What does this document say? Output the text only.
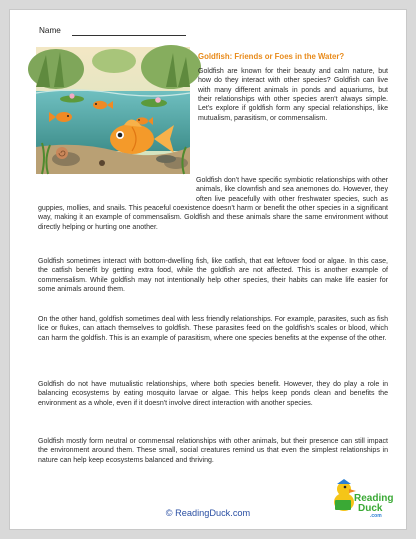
Name
Goldfish: Friends or Foes in the Water?

Goldfish are known for their beauty and calm nature, but how do they interact with other species? Goldfish can live with many different animals in ponds and aquariums, but their relationships with other species aren't always simple. Let's explore if goldfish form any special relationships, like mutualism, parasitism, or commensalism.

Goldfish don't have specific symbiotic relationships with other animals, like clownfish and sea anemones do. However, they often live peacefully with other freshwater species, such as guppies, mollies, and snails. This peaceful coexistence doesn't harm or benefit the other species in a significant way, making it an example of commensalism. Goldfish and these animals share the same environment without directly helping or hurting one another.

Goldfish sometimes interact with bottom-dwelling fish, like catfish, that eat leftover food or algae. In this case, the catfish benefit by getting extra food, while the goldfish are not affected. This is another example of commensalism. While goldfish may not intentionally help other species, their habits can make life easier for some animals around them.

On the other hand, goldfish sometimes deal with less friendly relationships. For example, parasites, such as fish lice or flukes, can attach themselves to goldfish. These parasites feed on the goldfish's scales or blood, which can harm the goldfish. This is an example of parasitism, where one species benefits at the expense of the other.

Goldfish do not have mutualistic relationships, where both species benefit. However, they do play a role in balancing ecosystems by eating mosquito larvae or algae. This helps keep ponds clean and benefits the environment as a whole, even if it doesn't involve direct interaction with another species.

Goldfish mostly form neutral or commensal relationships with other animals, but their presence can still impact the environment around them. These small, social creatures remind us that even the simplest relationships in nature can help keep ecosystems balanced and thriving.

© ReadingDuck.com
Reading
Duck
.com
